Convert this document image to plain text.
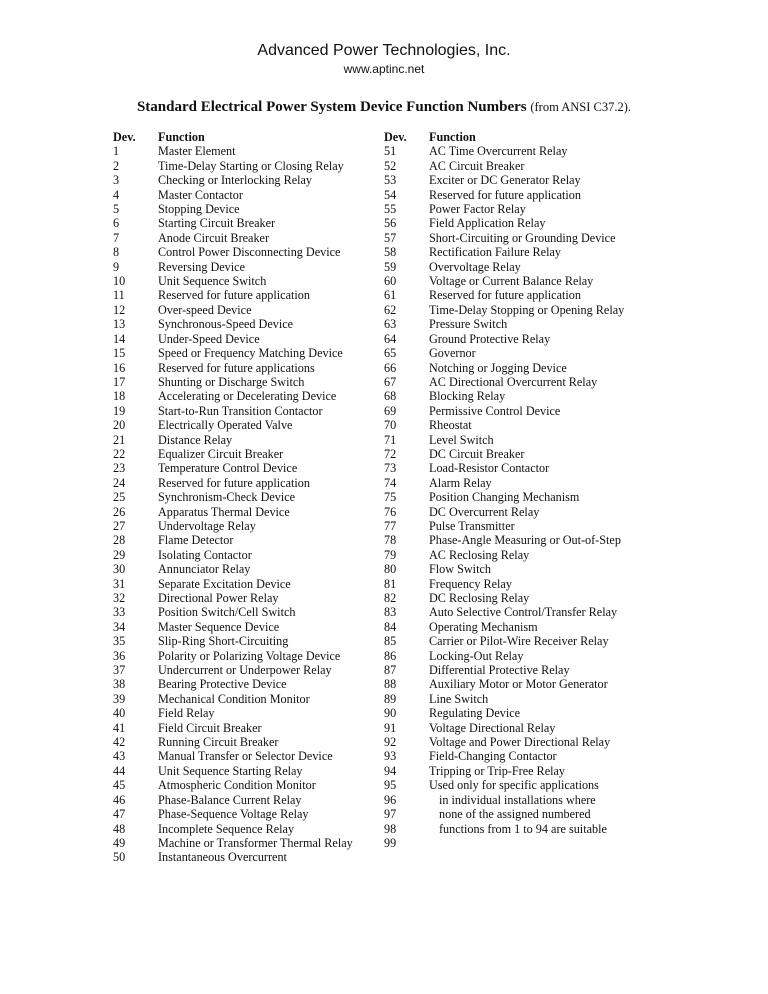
Advanced Power Technologies, Inc.
www.aptinc.net
Standard Electrical Power System Device Function Numbers (from ANSI C37.2).
Dev. Function
1	Master Element
2	Time-Delay Starting or Closing Relay
3	Checking or Interlocking Relay
4	Master Contactor
5	Stopping Device
6	Starting Circuit Breaker
7	Anode Circuit Breaker
8	Control Power Disconnecting Device
9	Reversing Device
10	Unit Sequence Switch
11	Reserved for future application
12	Over-speed Device
13	Synchronous-Speed Device
14	Under-Speed Device
15	Speed or Frequency Matching Device
16	Reserved for future applications
17	Shunting or Discharge Switch
18	Accelerating or Decelerating Device
19	Start-to-Run Transition Contactor
20	Electrically Operated Valve
21	Distance Relay
22	Equalizer Circuit Breaker
23	Temperature Control Device
24	Reserved for future application
25	Synchronism-Check Device
26	Apparatus Thermal Device
27	Undervoltage Relay
28	Flame Detector
29	Isolating Contactor
30	Annunciator Relay
31	Separate Excitation Device
32	Directional Power Relay
33	Position Switch/Cell Switch
34	Master Sequence Device
35	Slip-Ring Short-Circuiting
36	Polarity or Polarizing Voltage Device
37	Undercurrent or Underpower Relay
38	Bearing Protective Device
39	Mechanical Condition Monitor
40	Field Relay
41	Field Circuit Breaker
42	Running Circuit Breaker
43	Manual Transfer or Selector Device
44	Unit Sequence Starting Relay
45	Atmospheric Condition Monitor
46	Phase-Balance Current Relay
47	Phase-Sequence Voltage Relay
48	Incomplete Sequence Relay
49	Machine or Transformer Thermal Relay
50	Instantaneous Overcurrent
Dev. Function
51	AC Time Overcurrent Relay
52	AC Circuit Breaker
53	Exciter or DC Generator Relay
54	Reserved for future application
55	Power Factor Relay
56	Field Application Relay
57	Short-Circuiting or Grounding Device
58	Rectification Failure Relay
59	Overvoltage Relay
60	Voltage or Current Balance Relay
61	Reserved for future application
62	Time-Delay Stopping or Opening Relay
63	Pressure Switch
64	Ground Protective Relay
65	Governor
66	Notching or Jogging Device
67	AC Directional Overcurrent Relay
68	Blocking Relay
69	Permissive Control Device
70	Rheostat
71	Level Switch
72	DC Circuit Breaker
73	Load-Resistor Contactor
74	Alarm Relay
75	Position Changing Mechanism
76	DC Overcurrent Relay
77	Pulse Transmitter
78	Phase-Angle Measuring or Out-of-Step
79	AC Reclosing Relay
80	Flow Switch
81	Frequency Relay
82	DC Reclosing Relay
83	Auto Selective Control/Transfer Relay
84	Operating Mechanism
85	Carrier or Pilot-Wire Receiver Relay
86	Locking-Out Relay
87	Differential Protective Relay
88	Auxiliary Motor or Motor Generator
89	Line Switch
90	Regulating Device
91	Voltage Directional Relay
92	Voltage and Power Directional Relay
93	Field-Changing Contactor
94	Tripping or Trip-Free Relay
95	Used only for specific applications
96	in individual installations where
97	none of the assigned numbered
98	functions from 1 to 94 are suitable
99
